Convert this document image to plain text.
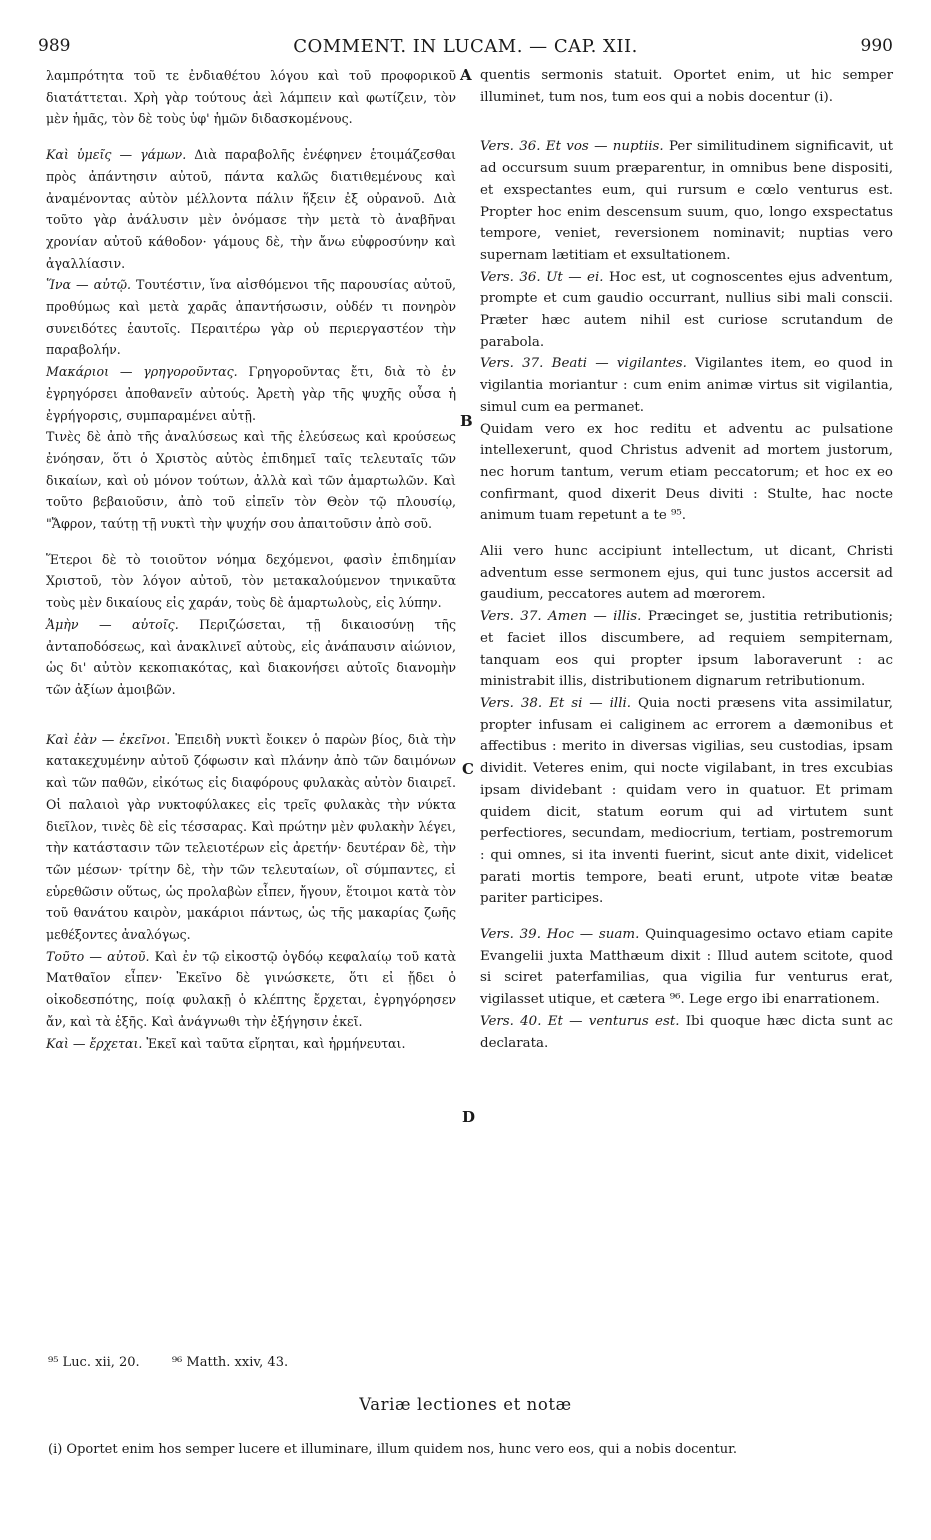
989	COMMENT. IN LUCAM. — CAP. XII.	990
A
B
C
D

λαμπρότητα τοῦ τε ἐνδιαθέτου λόγου καὶ τοῦ προφορικοῦ διατάττεται. Χρὴ γὰρ τούτους ἀεὶ λάμπειν καὶ φωτίζειν, τὸν μὲν ἡμᾶς, τὸν δὲ τοὺς ὑφ' ἡμῶν διδασκομένους.

Καὶ ὑμεῖς — γάμων. Διὰ παραβολῆς ἐνέφηνεν ἑτοιμάζεσθαι πρὸς ἀπάντησιν αὐτοῦ, πάντα καλῶς διατιθεμένους καὶ ἀναμένοντας αὐτὸν μέλλοντα πάλιν ἥξειν ἐξ οὐρανοῦ. Διὰ τοῦτο γὰρ ἀνάλυσιν μὲν ὀνόμασε τὴν μετὰ τὸ ἀναβῆναι χρονίαν αὐτοῦ κάθοδον· γάμους δὲ, τὴν ἄνω εὐφροσύνην καὶ ἀγαλλίασιν.

Ἵνα — αὐτῷ. Τουτέστιν, ἵνα αἰσθόμενοι τῆς παρουσίας αὐτοῦ, προθύμως καὶ μετὰ χαρᾶς ἀπαντήσωσιν, οὐδέν τι πονηρὸν συνειδότες ἑαυτοῖς. Περαιτέρω γὰρ οὐ περιεργαστέον τὴν παραβολήν.

Μακάριοι — γρηγοροῦντας. Γρηγοροῦντας ἔτι, διὰ τὸ ἐν ἐγρηγόρσει ἀποθανεῖν αὐτούς. Ἀρετὴ γὰρ τῆς ψυχῆς οὖσα ἡ ἐγρήγορσις, συμπαραμένει αὐτῇ.

Τινὲς δὲ ἀπὸ τῆς ἀναλύσεως καὶ τῆς ἐλεύσεως καὶ κρούσεως ἐνόησαν, ὅτι ὁ Χριστὸς αὐτὸς ἐπιδημεῖ ταῖς τελευταῖς τῶν δικαίων, καὶ οὐ μόνον τούτων, ἀλλὰ καὶ τῶν ἁμαρτωλῶν. Καὶ τοῦτο βεβαιοῦσιν, ἀπὸ τοῦ εἰπεῖν τὸν Θεὸν τῷ πλουσίῳ, "Ἄφρον, ταύτῃ τῇ νυκτὶ τὴν ψυχήν σου ἀπαιτοῦσιν ἀπὸ σοῦ.

Ἕτεροι δὲ τὸ τοιοῦτον νόημα δεχόμενοι, φασὶν ἐπιδημίαν Χριστοῦ, τὸν λόγον αὐτοῦ, τὸν μετακαλούμενον τηνικαῦτα τοὺς μὲν δικαίους εἰς χαράν, τοὺς δὲ ἁμαρτωλοὺς, εἰς λύπην.

Ἀμὴν — αὐτοῖς. Περιζώσεται, τῇ δικαιοσύνῃ τῆς ἀνταποδόσεως, καὶ ἀνακλινεῖ αὐτοὺς, εἰς ἀνάπαυσιν αἰώνιον, ὡς δι' αὐτὸν κεκοπιακότας, καὶ διακονήσει αὐτοῖς διανομὴν τῶν ἀξίων ἀμοιβῶν.

Καὶ ἐὰν — ἐκεῖνοι. Ἐπειδὴ νυκτὶ ἔοικεν ὁ παρὼν βίος, διὰ τὴν κατακεχυμένην αὐτοῦ ζόφωσιν καὶ πλάνην ἀπὸ τῶν δαιμόνων καὶ τῶν παθῶν, εἰκότως εἰς διαφόρους φυλακὰς αὐτὸν διαιρεῖ. Οἱ παλαιοὶ γὰρ νυκτοφύλακες εἰς τρεῖς φυλακὰς τὴν νύκτα διεῖλον, τινὲς δὲ εἰς τέσσαρας. Καὶ πρώτην μὲν φυλακὴν λέγει, τὴν κατάστασιν τῶν τελειοτέρων εἰς ἀρετήν· δευτέραν δὲ, τὴν τῶν μέσων· τρίτην δὲ, τὴν τῶν τελευταίων, οἳ σύμπαντες, εἰ εὑρεθῶσιν οὕτως, ὡς προλαβὼν εἶπεν, ἤγουν, ἕτοιμοι κατὰ τὸν τοῦ θανάτου καιρὸν, μακάριοι πάντως, ὡς τῆς μακαρίας ζωῆς μεθέξοντες ἀναλόγως.

Τοῦτο — αὐτοῦ. Καὶ ἐν τῷ εἰκοστῷ ὀγδόῳ κεφαλαίῳ τοῦ κατὰ Ματθαῖον εἶπεν· Ἐκεῖνο δὲ γινώσκετε, ὅτι εἰ ᾔδει ὁ οἰκοδεσπότης, ποίᾳ φυλακῇ ὁ κλέπτης ἔρχεται, ἐγρηγόρησεν ἄν, καὶ τὰ ἑξῆς. Καὶ ἀνάγνωθι τὴν ἐξήγησιν ἐκεῖ.

Καὶ — ἔρχεται. Ἐκεῖ καὶ ταῦτα εἴρηται, καὶ ἡρμήνευται.

quentis sermonis statuit. Oportet enim, ut hic semper illuminet, tum nos, tum eos qui a nobis docentur (i).

Vers. 36. Et vos — nuptiis. Per similitudinem significavit, ut ad occursum suum præparentur, in omnibus bene dispositi, et exspectantes eum, qui rursum e cœlo venturus est. Propter hoc enim descensum suum, quo, longo exspectatus tempore, veniet, reversionem nominavit; nuptias vero supernam lætitiam et exsultationem.

Vers. 36. Ut — ei. Hoc est, ut cognoscentes ejus adventum, prompte et cum gaudio occurrant, nullius sibi mali conscii. Præter hæc autem nihil est curiose scrutandum de parabola.

Vers. 37. Beati — vigilantes. Vigilantes item, eo quod in vigilantia moriantur : cum enim animæ virtus sit vigilantia, simul cum ea permanet.

Quidam vero ex hoc reditu et adventu ac pulsatione intellexerunt, quod Christus advenit ad mortem justorum, nec horum tantum, verum etiam peccatorum; et hoc ex eo confirmant, quod dixerit Deus diviti : Stulte, hac nocte animum tuam repetunt a te ⁹⁵.

Alii vero hunc accipiunt intellectum, ut dicant, Christi adventum esse sermonem ejus, qui tunc justos accersit ad gaudium, peccatores autem ad mœrorem.

Vers. 37. Amen — illis. Præcinget se, justitia retributionis; et faciet illos discumbere, ad requiem sempiternam, tanquam eos qui propter ipsum laboraverunt : ac ministrabit illis, distributionem dignarum retributionum.

Vers. 38. Et si — illi. Quia nocti præsens vita assimilatur, propter infusam ei caliginem ac errorem a dæmonibus et affectibus : merito in diversas vigilias, seu custodias, ipsam dividit. Veteres enim, qui nocte vigilabant, in tres excubias ipsam dividebant : quidam vero in quatuor. Et primam quidem dicit, statum eorum qui ad virtutem sunt perfectiores, secundam, mediocrium, tertiam, postremorum : qui omnes, si ita inventi fuerint, sicut ante dixit, videlicet parati mortis tempore, beati erunt, utpote vitæ beatæ pariter participes.

Vers. 39. Hoc — suam. Quinquagesimo octavo etiam capite Evangelii juxta Matthæum dixit : Illud autem scitote, quod si sciret paterfamilias, qua vigilia fur venturus erat, vigilasset utique, et cætera ⁹⁶. Lege ergo ibi enarrationem.

Vers. 40. Et — venturus est. Ibi quoque hæc dicta sunt ac declarata.

⁹⁵ Luc. xii, 20. ⁹⁶ Matth. xxiv, 43.
Variæ lectiones et notæ
(i) Oportet enim hos semper lucere et illuminare, illum quidem nos, hunc vero eos, qui a nobis docentur.
